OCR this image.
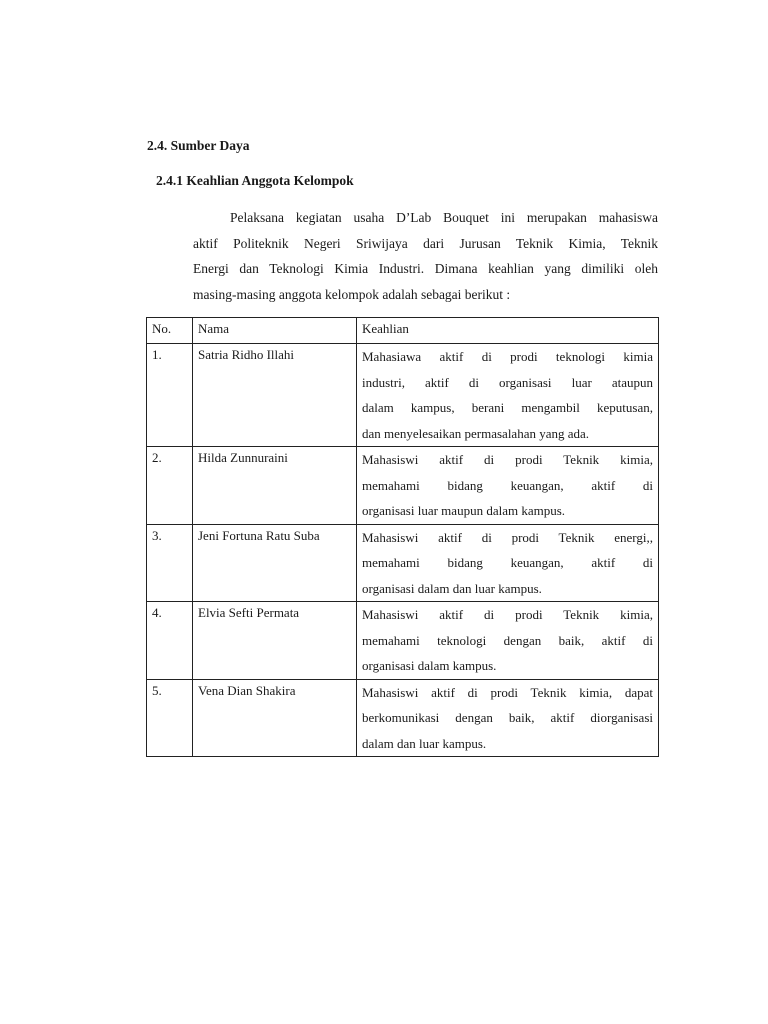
2.4. Sumber Daya
2.4.1 Keahlian Anggota Kelompok
Pelaksana kegiatan usaha D’Lab Bouquet ini merupakan mahasiswa
aktif Politeknik Negeri Sriwijaya dari Jurusan Teknik Kimia, Teknik
Energi dan Teknologi Kimia Industri. Dimana keahlian yang dimiliki oleh
masing-masing anggota kelompok adalah sebagai berikut :
No.	Nama	Keahlian
1.	Satria Ridho Illahi	Mahasiawa aktif di prodi teknologi kimia
industri, aktif di organisasi luar ataupun
dalam kampus, berani mengambil keputusan,
dan menyelesaikan permasalahan yang ada.

2.	Hilda Zunnuraini	Mahasiswi aktif di prodi Teknik kimia,
memahami bidang keuangan, aktif di
organisasi luar maupun dalam kampus.

3.	Jeni Fortuna Ratu Suba	Mahasiswi aktif di prodi Teknik energi,,
memahami bidang keuangan, aktif di
organisasi dalam dan luar kampus.

4.	Elvia Sefti Permata	Mahasiswi aktif di prodi Teknik kimia,
memahami teknologi dengan baik, aktif di
organisasi dalam kampus.

5.	Vena Dian Shakira	Mahasiswi aktif di prodi Teknik kimia, dapat
berkomunikasi dengan baik, aktif diorganisasi
dalam dan luar kampus.
